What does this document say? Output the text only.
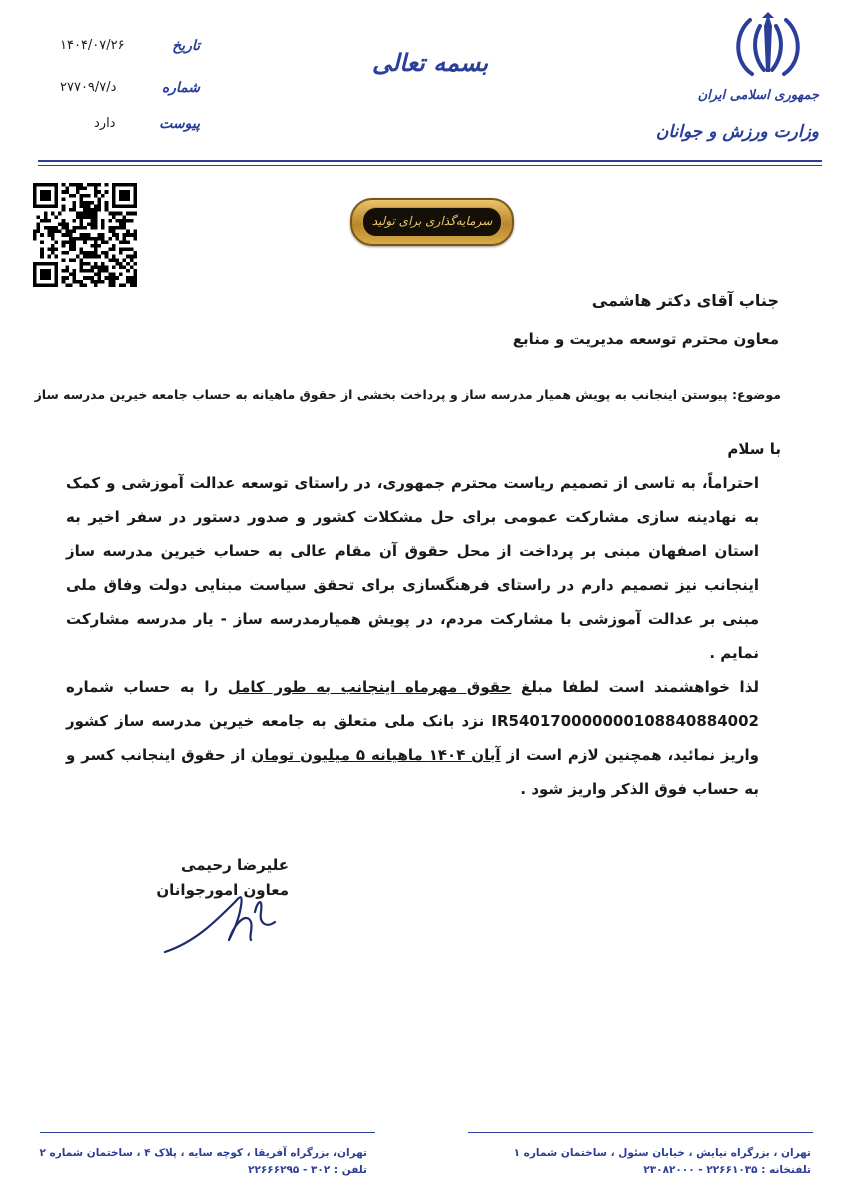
جمهوری اسلامی ایران
وزارت ورزش و جوانان
بسمه تعالی
تاریخ
۱۴۰۴/۰۷/۲۶
شماره
د/۲۷۷۰۹/۷
پیوست
دارد
سرمایه‌گذاری برای تولید
جناب آقای دکتر هاشمی
معاون محترم توسعه مدیریت و منابع
موضوع: پیوستن اینجانب به پویش همیار مدرسه ساز و پرداخت بخشی از حقوق ماهیانه به حساب جامعه خیرین مدرسه ساز

با سلام

احتراماً، به تاسی از تصمیم ریاست محترم جمهوری، در راستای توسعه عدالت آموزشی و کمک به نهادینه سازی مشارکت عمومی برای حل مشکلات کشور و صدور دستور در سفر اخیر به استان اصفهان مبنی بر پرداخت از محل حقوق آن مقام عالی به حساب خیرین مدرسه ساز اینجانب نیز تصمیم دارم در راستای فرهنگسازی برای تحقق سیاست مبنایی دولت وفاق ملی مبنی بر عدالت آموزشی با مشارکت مردم، در پویش همیارمدرسه ساز - یار مدرسه مشارکت نمایم .

لذا خواهشمند است لطفا مبلغ حقوق مهرماه اینجانب به طور کامل را به حساب شماره IR540170000000108840884002 نزد بانک ملی متعلق به جامعه خیرین مدرسه ساز کشور واریز نمائید، همچنین لازم است از آبان ۱۴۰۴ ماهیانه ۵ میلیون تومان از حقوق اینجانب کسر و به حساب فوق الذکر واریز شود .

علیرضا رحیمی
معاون امورجوانان
تهران ، بزرگراه نیایش ، خیابان سئول ، ساختمان شماره ۱
تلفنخانه : ۲۲۶۶۱۰۳۵ - ۲۳۰۸۲۰۰۰
تهران، بزرگراه آفریقا ، کوچه سایه ، پلاک ۴ ، ساختمان شماره ۲
تلفن : ۳۰۲ - ۲۲۶۶۶۲۹۵
